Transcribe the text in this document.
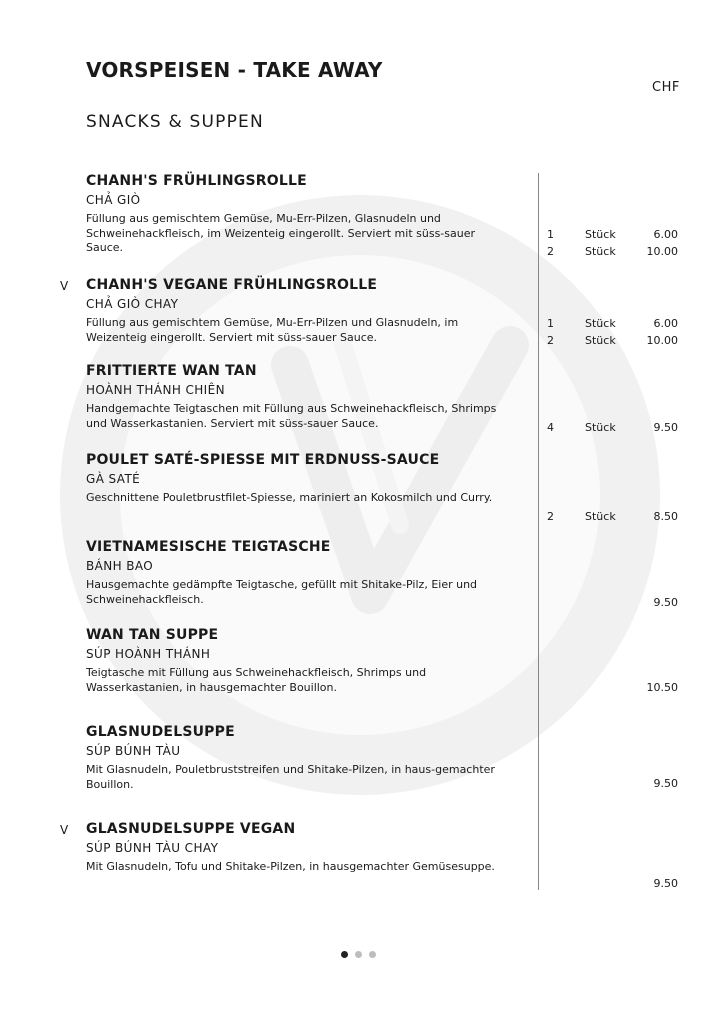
VORSPEISEN - TAKE AWAY
CHF
SNACKS & SUPPEN
CHANH'S FRÜHLINGSROLLE
CHẢ GIÒ

Füllung aus gemischtem Gemüse, Mu-Err-Pilzen, Glasnudeln und Schweinehackfleisch, im Weizenteig eingerollt. Serviert mit süss-sauer Sauce.

1	Stück	6.00
2	Stück	10.00
V CHANH'S VEGANE FRÜHLINGSROLLE
CHẢ GIÒ CHAY

Füllung aus gemischtem Gemüse, Mu-Err-Pilzen und Glasnudeln, im Weizenteig eingerollt. Serviert mit süss-sauer Sauce.

1	Stück	6.00
2	Stück	10.00
FRITTIERTE WAN TAN
HOÀNH THÁNH CHIÊN

Handgemachte Teigtaschen mit Füllung aus Schweinehackfleisch, Shrimps und Wasserkastanien. Serviert mit süss-sauer Sauce.	4	Stück	9.50
POULET SATÉ-SPIESSE MIT ERDNUSS-SAUCE
GÀ SATÉ

Geschnittene Pouletbrustfilet-Spiesse, mariniert an Kokosmilch und Curry.

2	Stück	8.50
VIETNAMESISCHE TEIGTASCHE
BÁNH BAO

Hausgemachte gedämpfte Teigtasche, gefüllt mit Shitake-Pilz, Eier und Schweinehackfleisch.	9.50
WAN TAN SUPPE
SÚP HOÀNH THÁNH

Teigtasche mit Füllung aus Schweinehackfleisch, Shrimps und Wasserkastanien, in hausgemachter Bouillon.	10.50
GLASNUDELSUPPE
SÚP BÚNH TÀU

Mit Glasnudeln, Pouletbruststreifen und Shitake-Pilzen, in haus-gemachter Bouillon.	9.50
V GLASNUDELSUPPE VEGAN
SÚP BÚNH TÀU CHAY

Mit Glasnudeln, Tofu und Shitake-Pilzen, in hausgemachter Gemüsesuppe.

9.50
